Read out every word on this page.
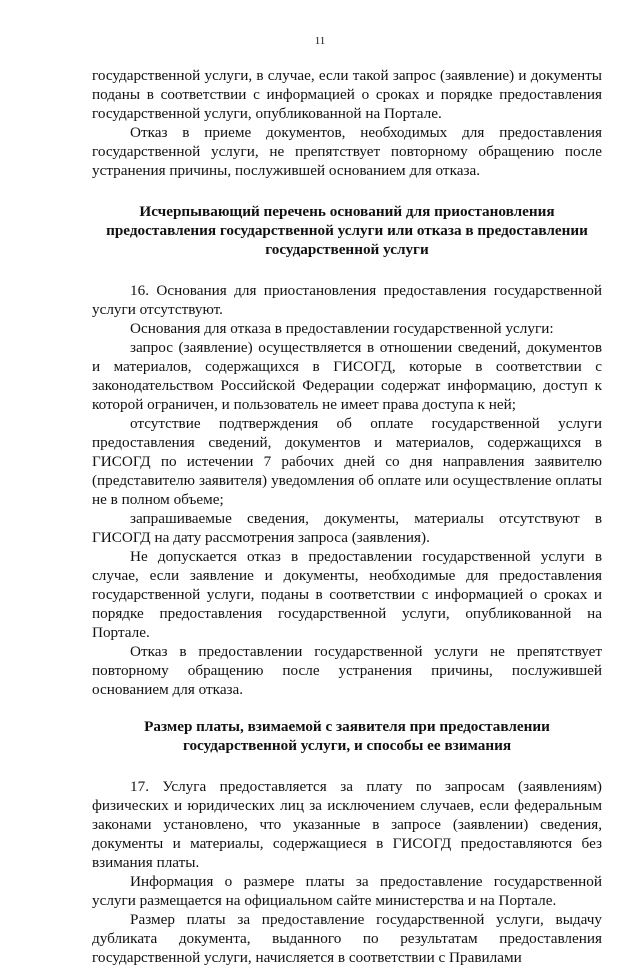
11

государственной услуги, в случае, если такой запрос (заявление) и документы поданы в соответствии с информацией о сроках и порядке предоставления государственной услуги, опубликованной на Портале.

Отказ в приеме документов, необходимых для предоставления государственной услуги, не препятствует повторному обращению после устранения причины, послужившей основанием для отказа.

Исчерпывающий перечень оснований для приостановления предоставления государственной услуги или отказа в предоставлении государственной услуги

16. Основания для приостановления предоставления государственной услуги отсутствуют.

Основания для отказа в предоставлении государственной услуги:

запрос (заявление) осуществляется в отношении сведений, документов и материалов, содержащихся в ГИСОГД, которые в соответствии с законодательством Российской Федерации содержат информацию, доступ к которой ограничен, и пользователь не имеет права доступа к ней;

отсутствие подтверждения об оплате государственной услуги предоставления сведений, документов и материалов, содержащихся в ГИСОГД по истечении 7 рабочих дней со дня направления заявителю (представителю заявителя) уведомления об оплате или осуществление оплаты не в полном объеме;

запрашиваемые сведения, документы, материалы отсутствуют в ГИСОГД на дату рассмотрения запроса (заявления).

Не допускается отказ в предоставлении государственной услуги в случае, если заявление и документы, необходимые для предоставления государственной услуги, поданы в соответствии с информацией о сроках и порядке предоставления государственной услуги, опубликованной на Портале.

Отказ в предоставлении государственной услуги не препятствует повторному обращению после устранения причины, послужившей основанием для отказа.

Размер платы, взимаемой с заявителя при предоставлении государственной услуги, и способы ее взимания

17. Услуга предоставляется за плату по запросам (заявлениям) физических и юридических лиц за исключением случаев, если федеральным законами установлено, что указанные в запросе (заявлении) сведения, документы и материалы, содержащиеся в ГИСОГД предоставляются без взимания платы.

Информация о размере платы за предоставление государственной услуги размещается на официальном сайте министерства и на Портале.

Размер платы за предоставление государственной услуги, выдачу дубликата документа, выданного по результатам предоставления государственной услуги, начисляется в соответствии с Правилами
